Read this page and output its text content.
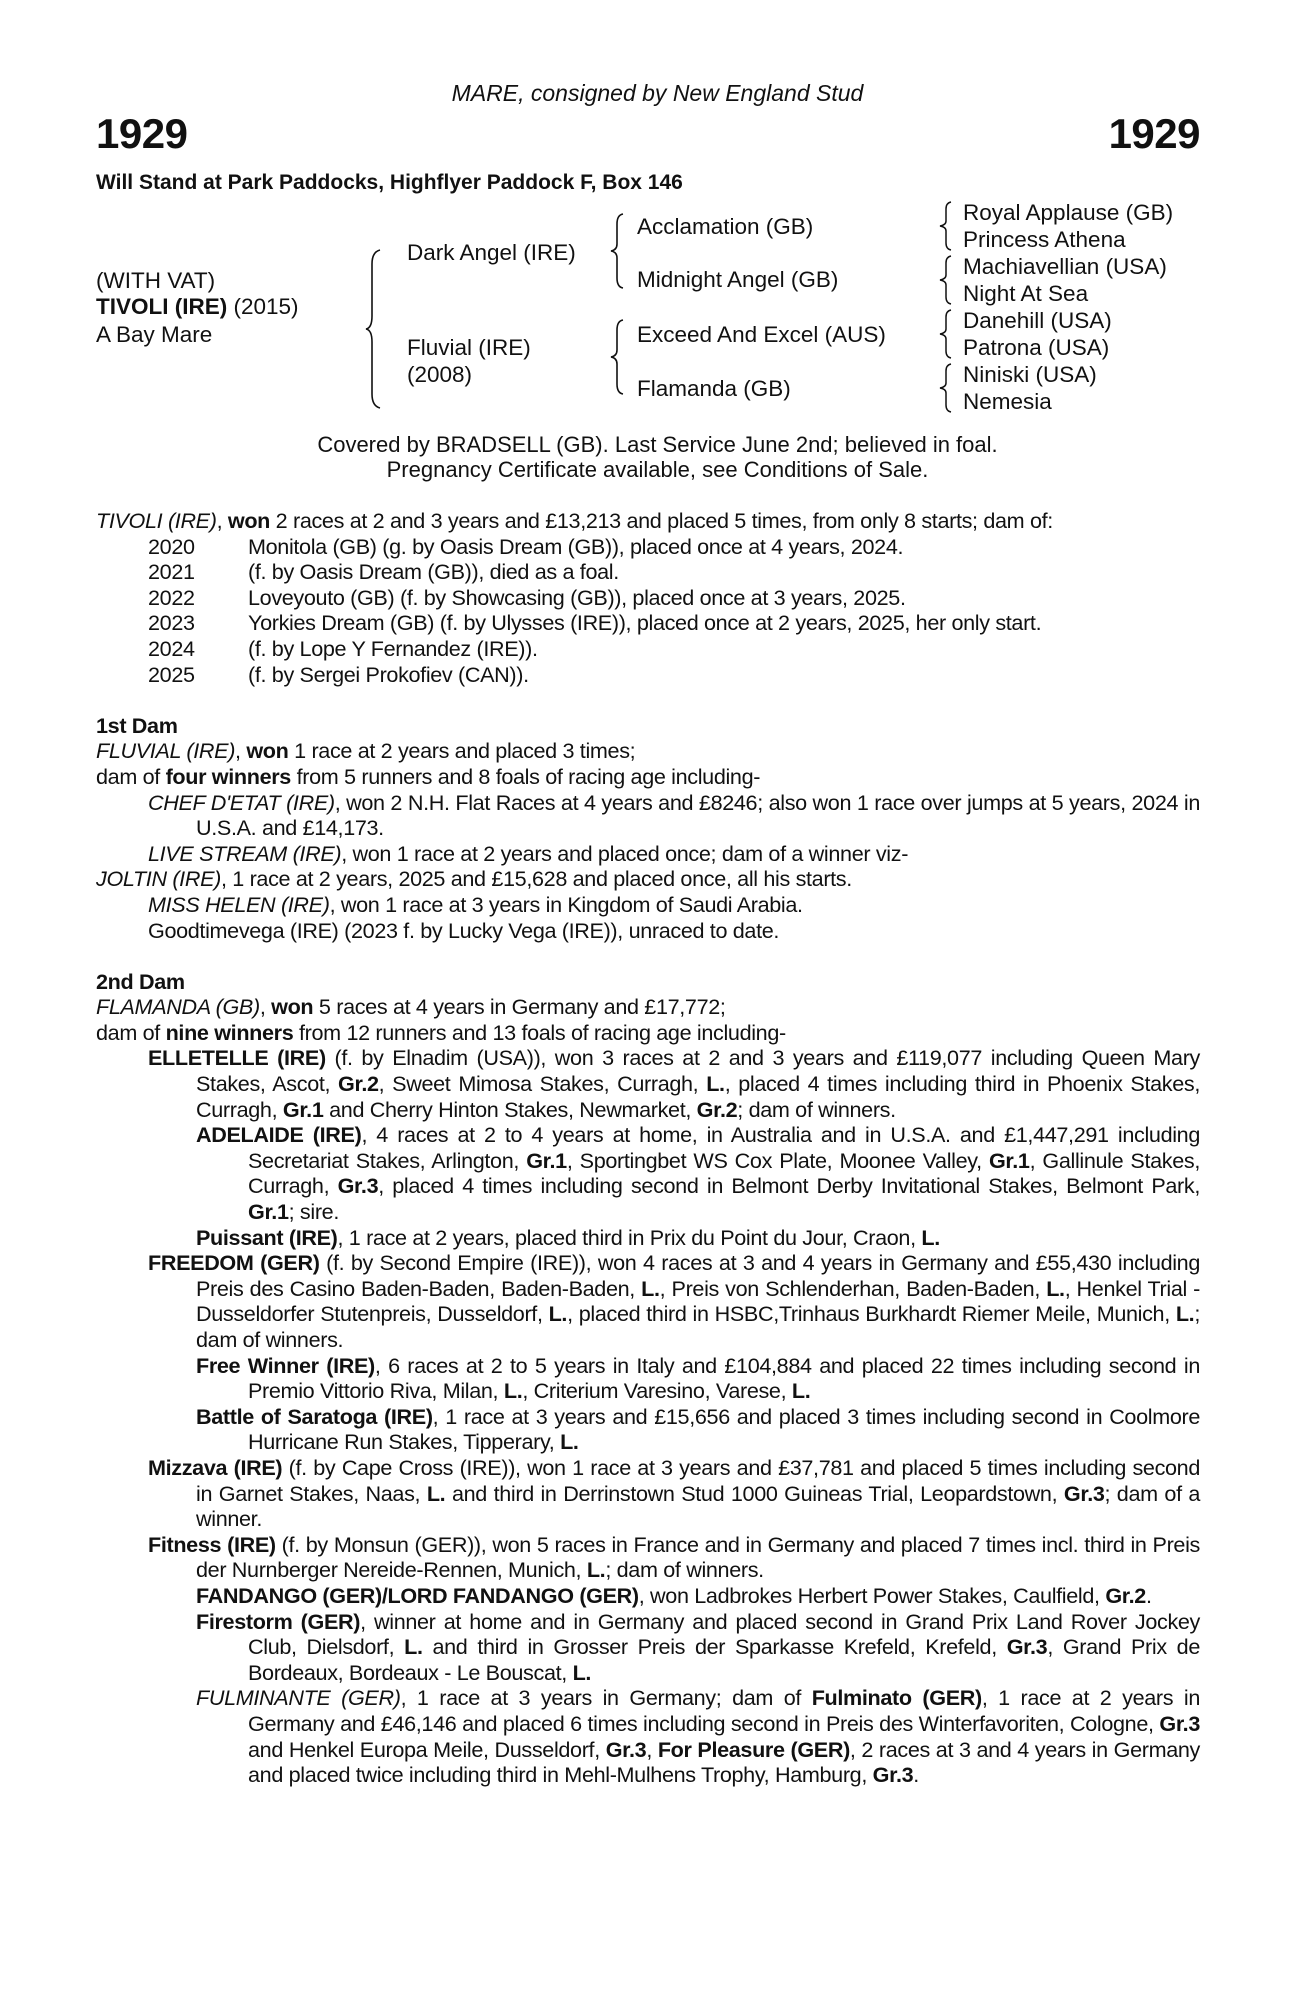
MARE, consigned by New England Stud
1929	1929
Will Stand at Park Paddocks, Highflyer Paddock F, Box 146
(WITH VAT)
TIVOLI (IRE) (2015)
A Bay Mare
Dark Angel (IRE)
Fluvial (IRE)
(2008)
Acclamation (GB)
Midnight Angel (GB)
Exceed And Excel (AUS)
Flamanda (GB)
Royal Applause (GB)
Princess Athena
Machiavellian (USA)
Night At Sea
Danehill (USA)
Patrona (USA)
Niniski (USA)
Nemesia
Covered by BRADSELL (GB). Last Service June 2nd; believed in foal.
Pregnancy Certificate available, see Conditions of Sale.
TIVOLI (IRE), won 2 races at 2 and 3 years and £13,213 and placed 5 times, from only 8 starts; dam of:
2020	Monitola (GB) (g. by Oasis Dream (GB)), placed once at 4 years, 2024.
2021	(f. by Oasis Dream (GB)), died as a foal.
2022	Loveyouto (GB) (f. by Showcasing (GB)), placed once at 3 years, 2025.
2023	Yorkies Dream (GB) (f. by Ulysses (IRE)), placed once at 2 years, 2025, her only start.
2024	(f. by Lope Y Fernandez (IRE)).
2025	(f. by Sergei Prokofiev (CAN)).
1st Dam
FLUVIAL (IRE), won 1 race at 2 years and placed 3 times;
dam of four winners from 5 runners and 8 foals of racing age including-
CHEF D'ETAT (IRE), won 2 N.H. Flat Races at 4 years and £8246; also won 1 race over jumps at 5 years, 2024 in U.S.A. and £14,173.
LIVE STREAM (IRE), won 1 race at 2 years and placed once; dam of a winner viz-
JOLTIN (IRE), 1 race at 2 years, 2025 and £15,628 and placed once, all his starts.
MISS HELEN (IRE), won 1 race at 3 years in Kingdom of Saudi Arabia.
Goodtimevega (IRE) (2023 f. by Lucky Vega (IRE)), unraced to date.
2nd Dam
FLAMANDA (GB), won 5 races at 4 years in Germany and £17,772;
dam of nine winners from 12 runners and 13 foals of racing age including-
ELLETELLE (IRE) (f. by Elnadim (USA)), won 3 races at 2 and 3 years and £119,077 including Queen Mary Stakes, Ascot, Gr.2, Sweet Mimosa Stakes, Curragh, L., placed 4 times including third in Phoenix Stakes, Curragh, Gr.1 and Cherry Hinton Stakes, Newmarket, Gr.2; dam of winners.
ADELAIDE (IRE), 4 races at 2 to 4 years at home, in Australia and in U.S.A. and £1,447,291 including Secretariat Stakes, Arlington, Gr.1, Sportingbet WS Cox Plate, Moonee Valley, Gr.1, Gallinule Stakes, Curragh, Gr.3, placed 4 times including second in Belmont Derby Invitational Stakes, Belmont Park, Gr.1; sire.
Puissant (IRE), 1 race at 2 years, placed third in Prix du Point du Jour, Craon, L.
FREEDOM (GER) (f. by Second Empire (IRE)), won 4 races at 3 and 4 years in Germany and £55,430 including Preis des Casino Baden-Baden, Baden-Baden, L., Preis von Schlenderhan, Baden-Baden, L., Henkel Trial - Dusseldorfer Stutenpreis, Dusseldorf, L., placed third in HSBC,Trinhaus Burkhardt Riemer Meile, Munich, L.; dam of winners.
Free Winner (IRE), 6 races at 2 to 5 years in Italy and £104,884 and placed 22 times including second in Premio Vittorio Riva, Milan, L., Criterium Varesino, Varese, L.
Battle of Saratoga (IRE), 1 race at 3 years and £15,656 and placed 3 times including second in Coolmore Hurricane Run Stakes, Tipperary, L.
Mizzava (IRE) (f. by Cape Cross (IRE)), won 1 race at 3 years and £37,781 and placed 5 times including second in Garnet Stakes, Naas, L. and third in Derrinstown Stud 1000 Guineas Trial, Leopardstown, Gr.3; dam of a winner.
Fitness (IRE) (f. by Monsun (GER)), won 5 races in France and in Germany and placed 7 times incl. third in Preis der Nurnberger Nereide-Rennen, Munich, L.; dam of winners.
FANDANGO (GER)/LORD FANDANGO (GER), won Ladbrokes Herbert Power Stakes, Caulfield, Gr.2.
Firestorm (GER), winner at home and in Germany and placed second in Grand Prix Land Rover Jockey Club, Dielsdorf, L. and third in Grosser Preis der Sparkasse Krefeld, Krefeld, Gr.3, Grand Prix de Bordeaux, Bordeaux - Le Bouscat, L.
FULMINANTE (GER), 1 race at 3 years in Germany; dam of Fulminato (GER), 1 race at 2 years in Germany and £46,146 and placed 6 times including second in Preis des Winterfavoriten, Cologne, Gr.3 and Henkel Europa Meile, Dusseldorf, Gr.3, For Pleasure (GER), 2 races at 3 and 4 years in Germany and placed twice including third in Mehl-Mulhens Trophy, Hamburg, Gr.3.
